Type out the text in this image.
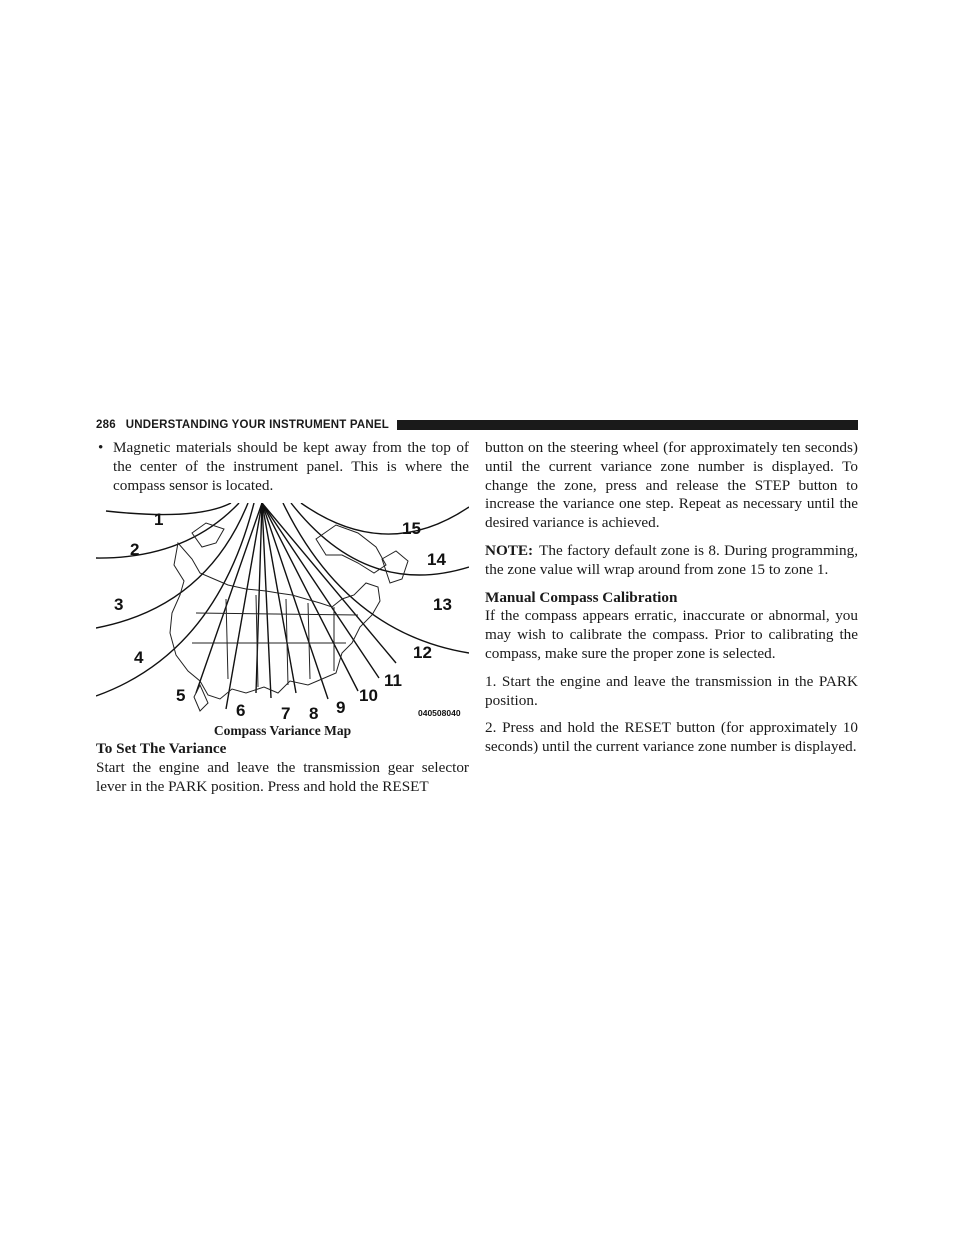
286 UNDERSTANDING YOUR INSTRUMENT PANEL

• Magnetic materials should be kept away from the top of the center of the instrument panel. This is where the compass sensor is located.

1
2
3
4
5
6 7 8 9
10
11
12
13
14
15
040508040
Compass Variance Map

To Set The Variance

Start the engine and leave the transmission gear selector lever in the PARK position. Press and hold the RESET

button on the steering wheel (for approximately ten seconds) until the current variance zone number is displayed. To change the zone, press and release the STEP button to increase the variance one step. Repeat as necessary until the desired variance is achieved.

NOTE: The factory default zone is 8. During programming, the zone value will wrap around from zone 15 to zone 1.

Manual Compass Calibration

If the compass appears erratic, inaccurate or abnormal, you may wish to calibrate the compass. Prior to calibrating the compass, make sure the proper zone is selected.

1. Start the engine and leave the transmission in the PARK position.

2. Press and hold the RESET button (for approximately 10 seconds) until the current variance zone number is displayed.
